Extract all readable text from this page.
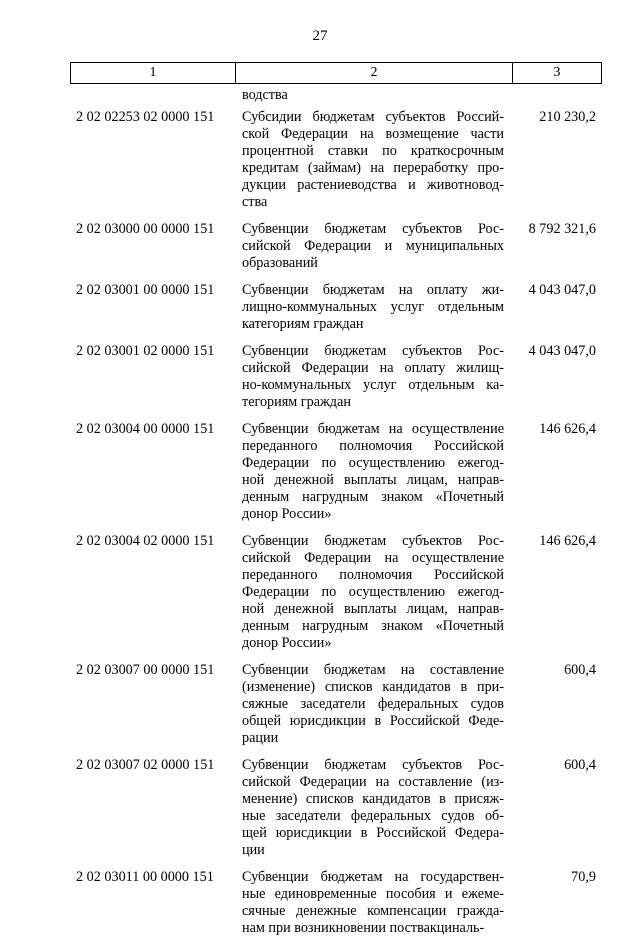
27
1	2	3
водства
2 02 02253 02 0000 151	Субсидии бюджетам субъектов Россий-
ской Федерации на возмещение части
процентной ставки по краткосрочным
кредитам (займам) на переработку про-
дукции растениеводства и животновод-
ства
210 230,2
2 02 03000 00 0000 151	Субвенции бюджетам субъектов Рос-
сийской Федерации и муниципальных
образований
8 792 321,6
2 02 03001 00 0000 151	Субвенции бюджетам на оплату жи-
лищно-коммунальных услуг отдельным
категориям граждан
4 043 047,0
2 02 03001 02 0000 151	Субвенции бюджетам субъектов Рос-
сийской Федерации на оплату жилищ-
но-коммунальных услуг отдельным ка-
тегориям граждан
4 043 047,0
2 02 03004 00 0000 151	Субвенции бюджетам на осуществление
переданного полномочия Российской
Федерации по осуществлению ежегод-
ной денежной выплаты лицам, направ-
денным нагрудным знаком «Почетный
донор России»
146 626,4
2 02 03004 02 0000 151	Субвенции бюджетам субъектов Рос-
сийской Федерации на осуществление
переданного полномочия Российской
Федерации по осуществлению ежегод-
ной денежной выплаты лицам, направ-
денным нагрудным знаком «Почетный
донор России»
146 626,4
2 02 03007 00 0000 151	Субвенции бюджетам на составление
(изменение) списков кандидатов в при-
сяжные заседатели федеральных судов
общей юрисдикции в Российской Феде-
рации
600,4
2 02 03007 02 0000 151	Субвенции бюджетам субъектов Рос-
сийской Федерации на составление (из-
менение) списков кандидатов в присяж-
ные заседатели федеральных судов об-
щей юрисдикции в Российской Федера-
ции
600,4
2 02 03011 00 0000 151	Субвенции бюджетам на государствен-
ные единовременные пособия и ежеме-
сячные денежные компенсации гражда-
нам при возникновении поствакциналь-
70,9
